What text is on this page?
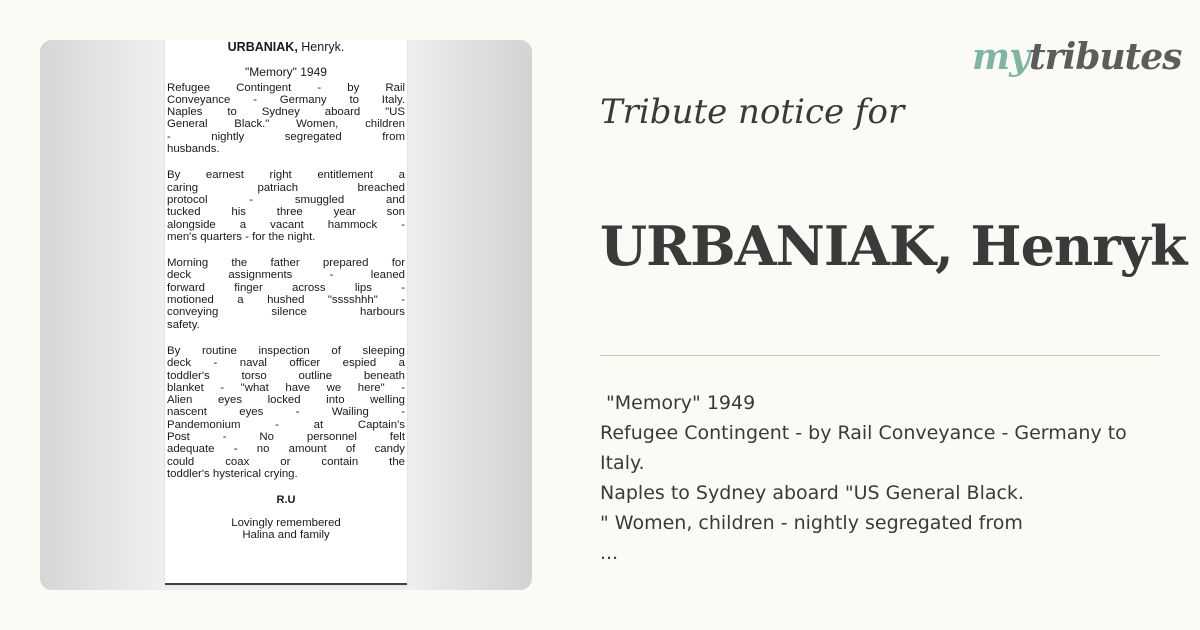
URBANIAK, Henryk.
"Memory" 1949
Refugee Contingent - by Rail
Conveyance - Germany to Italy.
Naples to Sydney aboard "US
General Black." Women, children
- nightly segregated from
husbands.
By earnest right entitlement a
caring patriach breached
protocol - smuggled and
tucked his three year son
alongside a vacant hammock -
men's quarters - for the night.
Morning the father prepared for
deck assignments - leaned
forward finger across lips -
motioned a hushed "sssshhh" -
conveying silence harbours
safety.
By routine inspection of sleeping
deck - naval officer espied a
toddler's torso outline beneath
blanket - "what have we here" -
Alien eyes locked into welling
nascent eyes - Wailing -
Pandemonium - at Captain's
Post - No personnel felt
adequate - no amount of candy
could coax or contain the
toddler's hysterical crying.
R.U
Lovingly remembered
Halina and family
mytributes
Tribute notice for
URBANIAK, Henryk
"Memory" 1949
Refugee Contingent - by Rail Conveyance - Germany to
Italy.
Naples to Sydney aboard "US General Black.
" Women, children - nightly segregated from
...
